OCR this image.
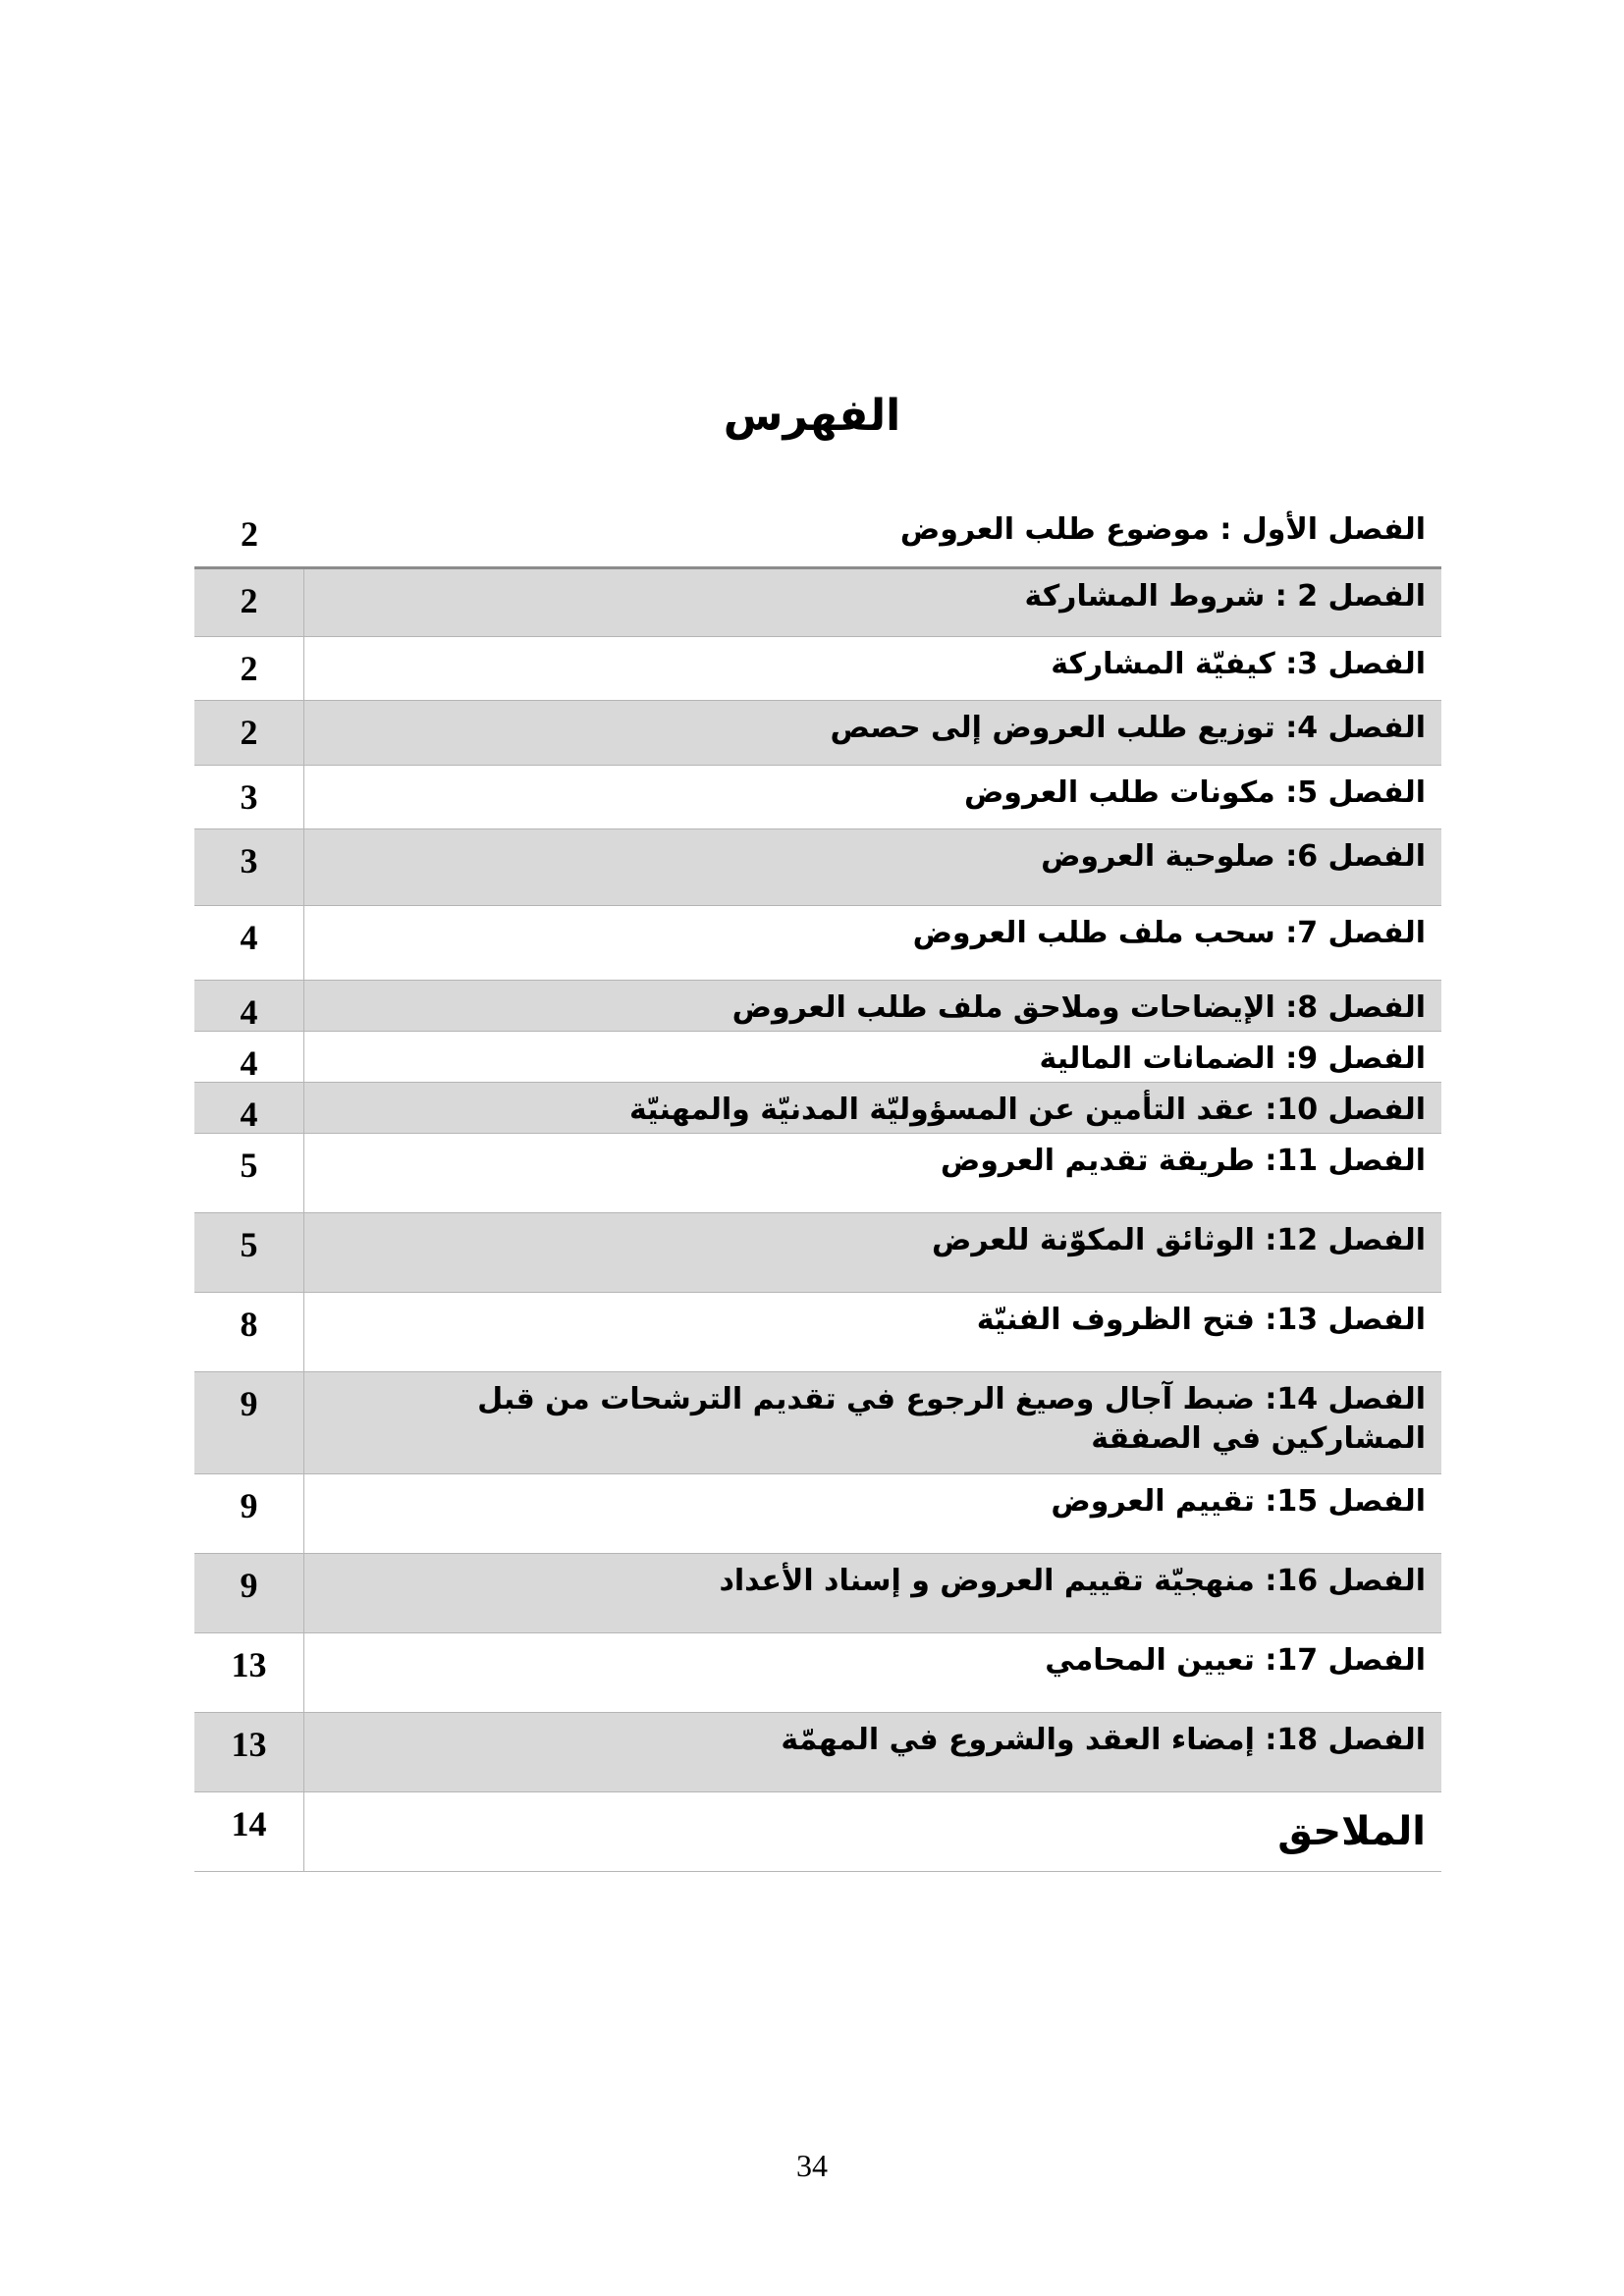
الفهرس
2	الفصل الأول : موضوع طلب العروض
2	الفصل 2 : شروط المشاركة
2	الفصل 3: كيفيّة المشاركة
2	الفصل 4: توزيع طلب العروض إلى حصص
3	الفصل 5: مكونات طلب العروض
3	الفصل 6: صلوحية العروض
4	الفصل 7: سحب ملف طلب العروض
4	الفصل 8: الإيضاحات وملاحق ملف طلب العروض
4	الفصل 9: الضمانات المالية
4	الفصل 10: عقد التأمين عن المسؤوليّة المدنيّة والمهنيّة
5	الفصل 11: طريقة تقديم العروض
5	الفصل 12: الوثائق المكوّنة للعرض
8	الفصل 13: فتح الظروف الفنيّة
9	الفصل 14: ضبط آجال وصيغ الرجوع في تقديم الترشحات من قبل المشاركين في الصفقة
9	الفصل 15: تقييم العروض
9	الفصل 16: منهجيّة تقييم العروض و إسناد الأعداد
13	الفصل 17: تعيين المحامي
13	الفصل 18: إمضاء العقد والشروع في المهمّة
14	الملاحق
34
